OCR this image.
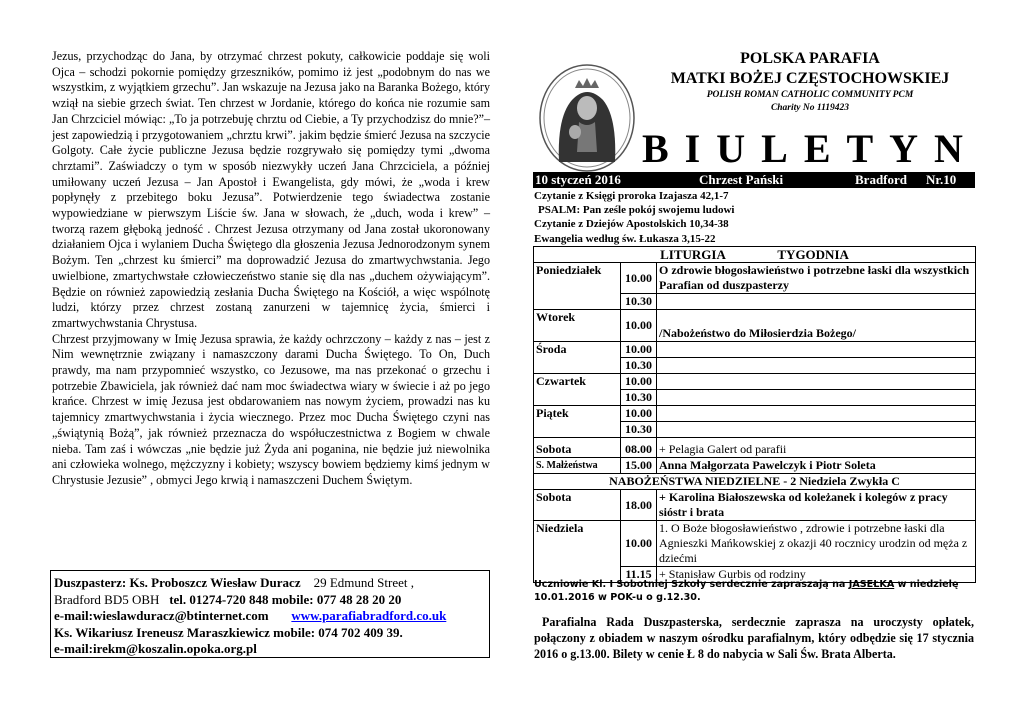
Jezus, przychodząc do Jana, by otrzymać chrzest pokuty, całkowicie poddaje się woli Ojca – schodzi pokornie pomiędzy grzeszników, pomimo iż jest „podobnym do nas we wszystkim, z wyjątkiem grzechu”. Jan wskazuje na Jezusa jako na Baranka Bożego, który wziął na siebie grzech świat. Ten chrzest w Jordanie, którego do końca nie rozumie sam Jan Chrzciciel mówiąc: „To ja potrzebuję chrztu od Ciebie, a Ty przychodzisz do mnie?”– jest zapowiedzią i przygotowaniem „chrztu krwi”. jakim będzie śmierć Jezusa na szczycie Golgoty. Całe życie publiczne Jezusa będzie rozgrywało się pomiędzy tymi „dwoma chrztami”. Zaświadczy o tym w sposób niezwykły uczeń Jana Chrzciciela, a później umiłowany uczeń Jezusa – Jan Apostoł i Ewangelista, gdy mówi, że „woda i krew popłynęły z przebitego boku Jezusa”. Potwierdzenie tego świadectwa zostanie wypowiedziane w pierwszym Liście św. Jana w słowach, że „duch, woda i krew” – tworzą razem głęboką jedność . Chrzest Jezusa otrzymany od Jana został ukoronowany działaniem Ojca i wylaniem Ducha Świętego dla głoszenia Jezusa Jednorodzonym synem Bożym. Ten „chrzest ku śmierci” ma doprowadzić Jezusa do zmartwychwstania. Jego uwielbione, zmartychwstałe człowieczeństwo stanie się dla nas „duchem ożywiającym”. Będzie on również zapowiedzią zesłania Ducha Świętego na Kościół, a więc wspólnotę ludzi, którzy przez chrzest zostaną zanurzeni w tajemnicę życia, śmierci i zmartwychwstania Chrystusa.

Chrzest przyjmowany w Imię Jezusa sprawia, że każdy ochrzczony – każdy z nas – jest z Nim wewnętrznie związany i namaszczony darami Ducha Świętego. To On, Duch prawdy, ma nam przypomnieć wszystko, co Jezusowe, ma nas przekonać o grzechu i potrzebie Zbawiciela, jak również dać nam moc świadectwa wiary w świecie i aż po jego krańce. Chrzest w imię Jezusa jest obdarowaniem nas nowym życiem, prowadzi nas ku tajemnicy zmartwychwstania i życia wiecznego. Przez moc Ducha Świętego czyni nas „świątynią Bożą”, jak również przeznacza do współuczestnictwa z Bogiem w chwale nieba. Tam zaś i wówczas „nie będzie już Żyda ani poganina, nie będzie już niewolnika ani człowieka wolnego, mężczyzny i kobiety; wszyscy bowiem będziemy kimś jednym w Chrystusie Jezusie” , obmyci Jego krwią i namaszczeni Duchem Świętym.

Duszpasterz: Ks. Proboszcz Wiesław Duracz 29 Edmund Street ,
Bradford BD5 OBH tel. 01274-720 848 mobile: 077 48 28 20 20
e-mail:wieslawduracz@btinternet.com www.parafiabradford.co.uk
Ks. Wikariusz Ireneusz Maraszkiewicz mobile: 074 702 409 39.
e-mail:irekm@koszalin.opoka.org.pl
POLSKA PARAFIA
MATKI BOŻEJ CZĘSTOCHOWSKIEJ
POLISH ROMAN CATHOLIC COMMUNITY PCM
Charity No 1119423
BIULETYN
10 styczeń 2016	Chrzest Pański	Bradford Nr.10
Czytanie z Księgi proroka Izajasza 42,1-7
PSALM: Pan ześle pokój swojemu ludowi
Czytanie z Dziejów Apostolskich 10,34-38
Ewangelia według św. Łukasza 3,15-22
LITURGIA TYGODNIA		
Poniedziałek	10.00	O zdrowie błogosławieństwo i potrzebne łaski dla wszystkich Parafian od duszpasterzy
	10.30	
Wtorek	10.00	/Nabożeństwo do Miłosierdzia Bożego/
Środa	10.00	
	10.30	
Czwartek	10.00	
	10.30	
Piątek	10.00	
	10.30	
Sobota	08.00	+ Pelagia Galert od parafii
S. Małżeństwa	15.00	Anna Małgorzata Pawelczyk i Piotr Soleta
NABOŻEŃSTWA NIEDZIELNE - 2 Niedziela Zwykła C		
Sobota	18.00	+ Karolina Białoszewska od koleżanek i kolegów z pracy sióstr i brata
Niedziela	10.00	1. O Boże błogosławieństwo , zdrowie i potrzebne łaski dla Agnieszki Mańkowskiej z okazji 40 rocznicy urodzin od męża z dziećmi
	11.15	+ Stanisław Gurbis od rodziny
Uczniowie Kl. I Sobotniej Szkoły serdecznie zapraszają na JASEŁKA w niedzielę 10.01.2016 w POK-u o g.12.30.
Parafialna Rada Duszpasterska, serdecznie zaprasza na uroczysty opłatek, połączony z obiadem w naszym ośrodku parafialnym, który odbędzie się 17 stycznia 2016 o g.13.00. Bilety w cenie Ł 8 do nabycia w Sali Św. Brata Alberta.
